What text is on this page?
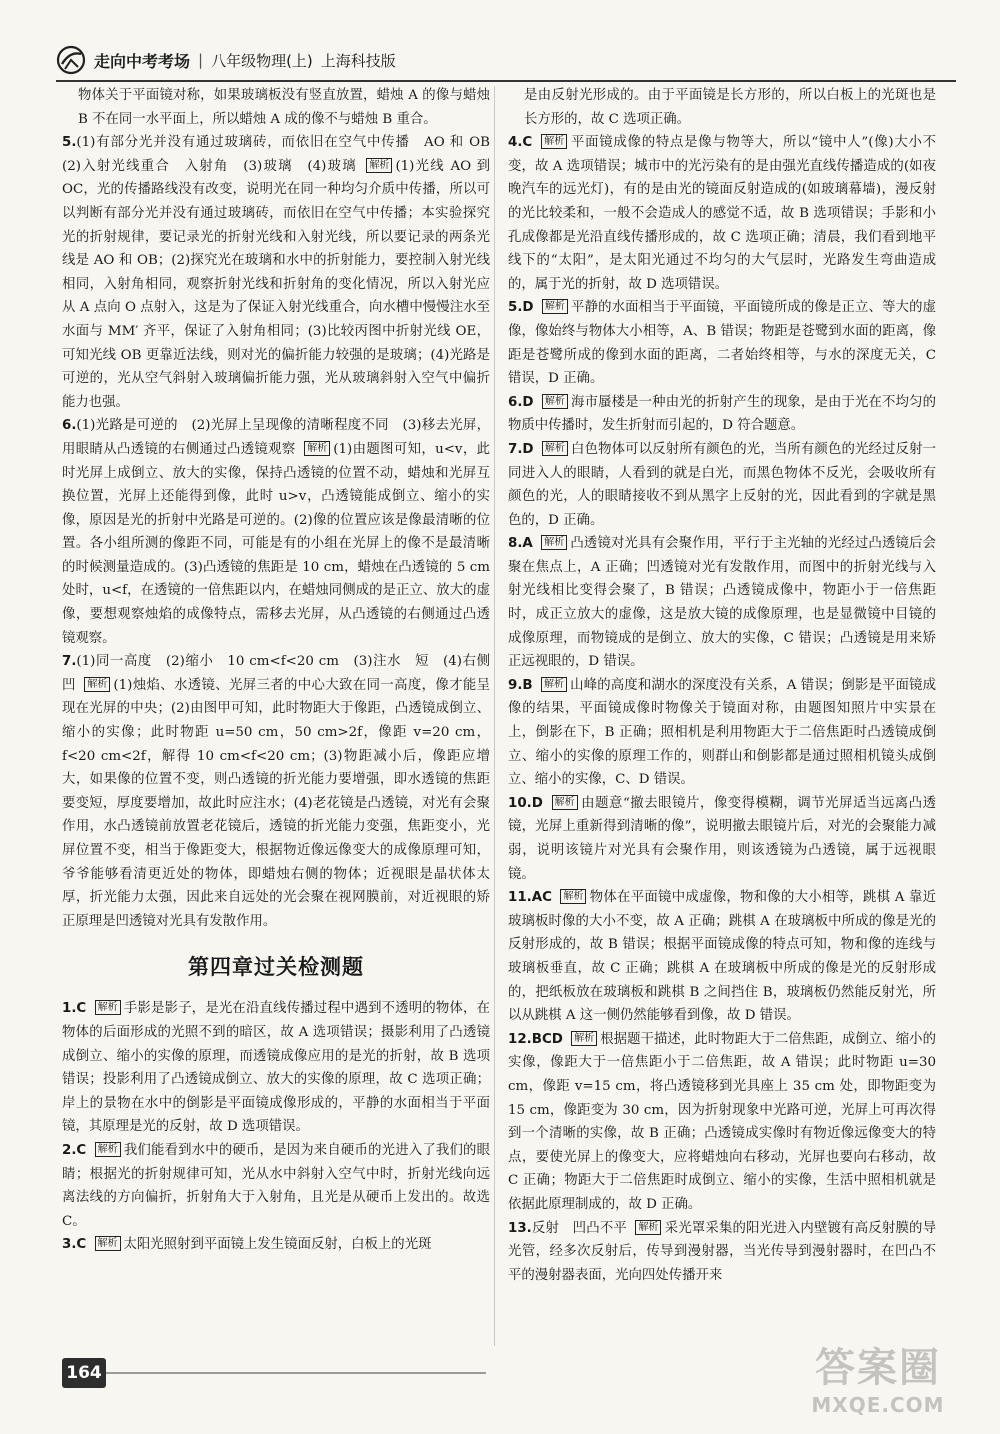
走向中考考场 | 八年级物理(上) 上海科技版

物体关于平面镜对称，如果玻璃板没有竖直放置，蜡烛 A 的像与蜡烛 B 不在同一水平面上，所以蜡烛 A 成的像不与蜡烛 B 重合。

5.(1)有部分光并没有通过玻璃砖，而依旧在空气中传播　AO 和 OB　(2)入射光线重合　入射角　(3)玻璃　(4)玻璃 解析 (1)光线 AO 到 OC，光的传播路线没有改变，说明光在同一种均匀介质中传播，所以可以判断有部分光并没有通过玻璃砖，而依旧在空气中传播；本实验探究光的折射规律，要记录光的折射光线和入射光线，所以要记录的两条光线是 AO 和 OB；(2)探究光在玻璃和水中的折射能力，要控制入射光线相同，入射角相同，观察折射光线和折射角的变化情况，所以入射光应从 A 点向 O 点射入，这是为了保证入射光线重合，向水槽中慢慢注水至水面与 MM′ 齐平，保证了入射角相同；(3)比较丙图中折射光线 OE，可知光线 OB 更靠近法线，则对光的偏折能力较强的是玻璃；(4)光路是可逆的，光从空气斜射入玻璃偏折能力强，光从玻璃斜射入空气中偏折能力也强。

6.(1)光路是可逆的　(2)光屏上呈现像的清晰程度不同　(3)移去光屏，用眼睛从凸透镜的右侧通过凸透镜观察 解析 (1)由题图可知，u<v，此时光屏上成倒立、放大的实像，保持凸透镜的位置不动，蜡烛和光屏互换位置，光屏上还能得到像，此时 u>v，凸透镜能成倒立、缩小的实像，原因是光的折射中光路是可逆的。(2)像的位置应该是像最清晰的位置。各小组所测的像距不同，可能是有的小组在光屏上的像不是最清晰的时候测量造成的。(3)凸透镜的焦距是 10 cm，蜡烛在凸透镜的 5 cm 处时，u<f，在透镜的一倍焦距以内，在蜡烛同侧成的是正立、放大的虚像，要想观察烛焰的成像特点，需移去光屏，从凸透镜的右侧通过凸透镜观察。

7.(1)同一高度　(2)缩小　10 cm<f<20 cm　(3)注水　短　(4)右侧　凹 解析 (1)烛焰、水透镜、光屏三者的中心大致在同一高度，像才能呈现在光屏的中央；(2)由图甲可知，此时物距大于像距，凸透镜成倒立、缩小的实像；此时物距 u=50 cm，50 cm>2f，像距 v=20 cm，f<20 cm<2f，解得 10 cm<f<20 cm；(3)物距减小后，像距应增大，如果像的位置不变，则凸透镜的折光能力要增强，即水透镜的焦距要变短，厚度要增加，故此时应注水；(4)老花镜是凸透镜，对光有会聚作用，水凸透镜前放置老花镜后，透镜的折光能力变强，焦距变小，光屏位置不变，相当于像距变大，根据物近像远像变大的成像原理可知，爷爷能够看清更近处的物体，即蜡烛右侧的物体；近视眼是晶状体太厚，折光能力太强，因此来自远处的光会聚在视网膜前，对近视眼的矫正原理是凹透镜对光具有发散作用。

第四章过关检测题

1.C 解析 手影是影子，是光在沿直线传播过程中遇到不透明的物体，在物体的后面形成的光照不到的暗区，故 A 选项错误；摄影利用了凸透镜成倒立、缩小的实像的原理，而透镜成像应用的是光的折射，故 B 选项错误；投影利用了凸透镜成倒立、放大的实像的原理，故 C 选项正确；岸上的景物在水中的倒影是平面镜成像形成的，平静的水面相当于平面镜，其原理是光的反射，故 D 选项错误。

2.C 解析 我们能看到水中的硬币，是因为来自硬币的光进入了我们的眼睛；根据光的折射规律可知，光从水中斜射入空气中时，折射光线向远离法线的方向偏折，折射角大于入射角，且光是从硬币上发出的。故选 C。

3.C 解析 太阳光照射到平面镜上发生镜面反射，白板上的光斑

是由反射光形成的。由于平面镜是长方形的，所以白板上的光斑也是长方形的，故 C 选项正确。

4.C 解析 平面镜成像的特点是像与物等大，所以“镜中人”(像)大小不变，故 A 选项错误；城市中的光污染有的是由强光直线传播造成的(如夜晚汽车的远光灯)，有的是由光的镜面反射造成的(如玻璃幕墙)，漫反射的光比较柔和，一般不会造成人的感觉不适，故 B 选项错误；手影和小孔成像都是光沿直线传播形成的，故 C 选项正确；清晨，我们看到地平线下的“太阳”，是太阳光通过不均匀的大气层时，光路发生弯曲造成的，属于光的折射，故 D 选项错误。

5.D 解析 平静的水面相当于平面镜，平面镜所成的像是正立、等大的虚像，像始终与物体大小相等，A、B 错误；物距是苍鹭到水面的距离，像距是苍鹭所成的像到水面的距离，二者始终相等，与水的深度无关，C 错误，D 正确。

6.D 解析 海市蜃楼是一种由光的折射产生的现象，是由于光在不均匀的物质中传播时，发生折射而引起的，D 符合题意。

7.D 解析 白色物体可以反射所有颜色的光，当所有颜色的光经过反射一同进入人的眼睛，人看到的就是白光，而黑色物体不反光，会吸收所有颜色的光，人的眼睛接收不到从黑字上反射的光，因此看到的字就是黑色的，D 正确。

8.A 解析 凸透镜对光具有会聚作用，平行于主光轴的光经过凸透镜后会聚在焦点上，A 正确；凹透镜对光有发散作用，而图中的折射光线与入射光线相比变得会聚了，B 错误；凸透镜成像中，物距小于一倍焦距时，成正立放大的虚像，这是放大镜的成像原理，也是显微镜中目镜的成像原理，而物镜成的是倒立、放大的实像，C 错误；凸透镜是用来矫正远视眼的，D 错误。

9.B 解析 山峰的高度和湖水的深度没有关系，A 错误；倒影是平面镜成像的结果，平面镜成像时物像关于镜面对称，由题图知照片中实景在上，倒影在下，B 正确；照相机是利用物距大于二倍焦距时凸透镜成倒立、缩小的实像的原理工作的，则群山和倒影都是通过照相机镜头成倒立、缩小的实像，C、D 错误。

10.D 解析 由题意“撤去眼镜片，像变得模糊，调节光屏适当远离凸透镜，光屏上重新得到清晰的像”，说明撤去眼镜片后，对光的会聚能力减弱，说明该镜片对光具有会聚作用，则该透镜为凸透镜，属于远视眼镜。

11.AC 解析 物体在平面镜中成虚像，物和像的大小相等，跳棋 A 靠近玻璃板时像的大小不变，故 A 正确；跳棋 A 在玻璃板中所成的像是光的反射形成的，故 B 错误；根据平面镜成像的特点可知，物和像的连线与玻璃板垂直，故 C 正确；跳棋 A 在玻璃板中所成的像是光的反射形成的，把纸板放在玻璃板和跳棋 B 之间挡住 B，玻璃板仍然能反射光，所以从跳棋 A 这一侧仍然能够看到像，故 D 错误。

12.BCD 解析 根据题干描述，此时物距大于二倍焦距，成倒立、缩小的实像，像距大于一倍焦距小于二倍焦距，故 A 错误；此时物距 u=30 cm，像距 v=15 cm，将凸透镜移到光具座上 35 cm 处，即物距变为 15 cm，像距变为 30 cm，因为折射现象中光路可逆，光屏上可再次得到一个清晰的实像，故 B 正确；凸透镜成实像时有物近像远像变大的特点，要使光屏上的像变大，应将蜡烛向右移动，光屏也要向右移动，故 C 正确；物距大于二倍焦距时成倒立、缩小的实像，生活中照相机就是依据此原理制成的，故 D 正确。

13.反射　凹凸不平 解析 采光罩采集的阳光进入内壁镀有高反射膜的导光管，经多次反射后，传导到漫射器，当光传导到漫射器时，在凹凸不平的漫射器表面，光向四处传播开来

164	答案圈
MXQE.COM
